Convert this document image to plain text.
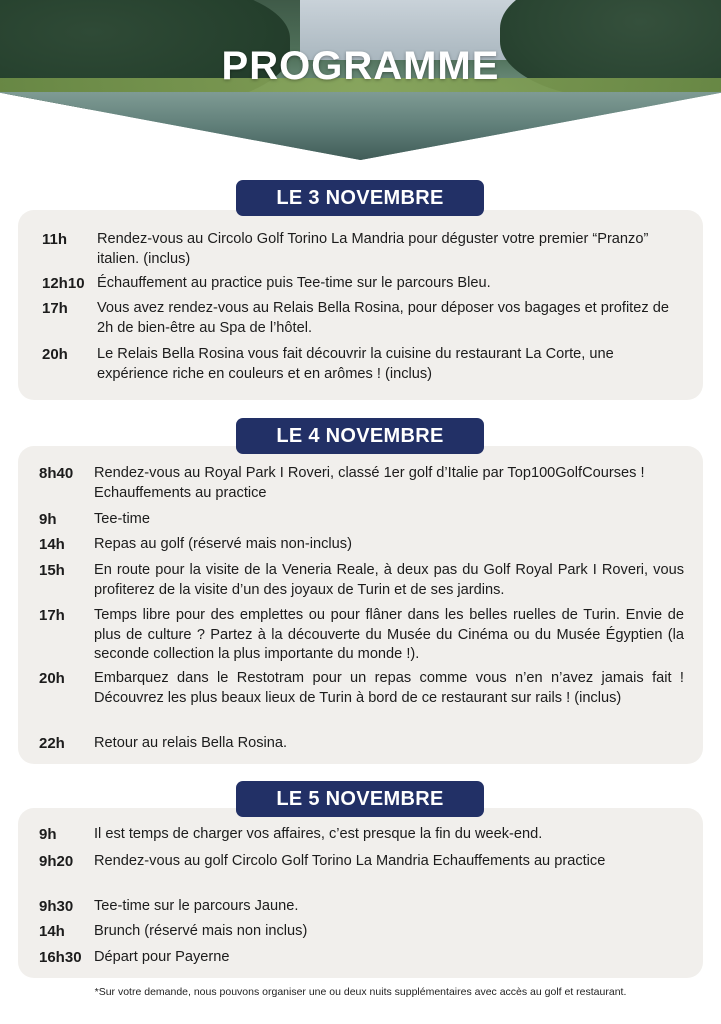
PROGRAMME
11h Rendez-vous au Circolo Golf Torino La Mandria pour déguster votre premier “Pranzo” italien. (inclus)
12h10 Échauffement au practice puis Tee-time sur le parcours Bleu.
17h Vous avez rendez-vous au Relais Bella Rosina, pour déposer vos bagages et profitez de 2h de bien-être au Spa de l’hôtel.
20h Le Relais Bella Rosina vous fait découvrir la cuisine du restaurant La Corte, une expérience riche en couleurs et en arômes ! (inclus)
LE 3 NOVEMBRE
8h40 Rendez-vous au Royal Park I Roveri, classé 1er golf d’Italie par Top100GolfCourses ! Echauffements au practice
9h	Tee-time
14h Repas au golf (réservé mais non-inclus)
15h En route pour la visite de la Veneria Reale, à deux pas du Golf Royal Park I Roveri, vous profiterez de la visite d’un des joyaux de Turin et de ses jardins.
17h Temps libre pour des emplettes ou pour flâner dans les belles ruelles de Turin. Envie de plus de culture ? Partez à la découverte du Musée du Cinéma ou du Musée Égyptien (la seconde collection la plus importante du monde !).
20h Embarquez dans le Restotram pour un repas comme vous n’en n’avez jamais fait ! Découvrez les plus beaux lieux de Turin à bord de ce restaurant sur rails ! (inclus)
22h Retour au relais Bella Rosina.
LE 4 NOVEMBRE
9h	Il est temps de charger vos affaires, c’est presque la fin du week-end.
9h20 Rendez-vous au golf Circolo Golf Torino La Mandria Echauffements au practice
9h30 Tee-time sur le parcours Jaune.
14h Brunch (réservé mais non inclus)
16h30 Départ pour Payerne
LE 5 NOVEMBRE
*Sur votre demande, nous pouvons organiser une ou deux nuits supplémentaires avec accès au golf et restaurant.
